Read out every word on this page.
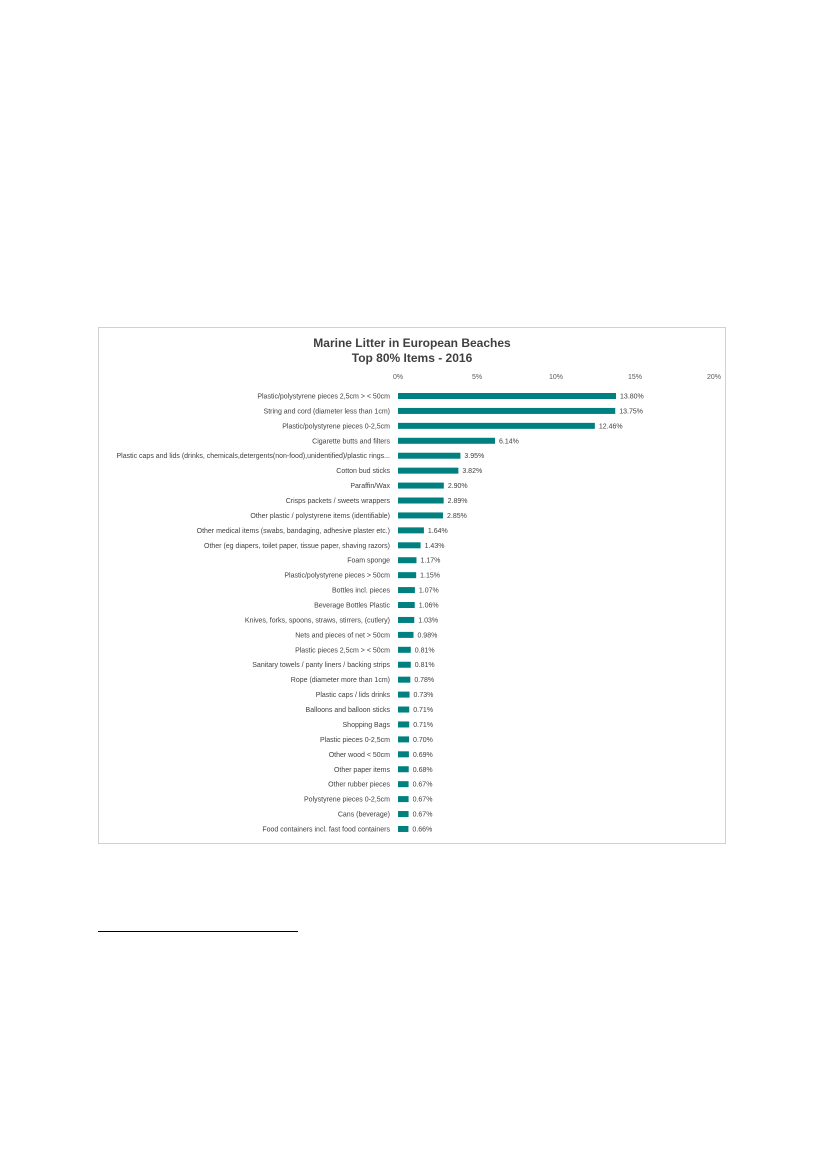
Marine Litter in European Beaches
Top 80% Items - 2016
0%	5%	10%	15%	20%
Plastic/polystyrene pieces 2,5cm > < 50cm
String and cord (diameter less than 1cm)
Plastic/polystyrene pieces 0-2,5cm
Cigarette butts and filters
Plastic caps and lids (drinks, chemicals,detergents(non-food),unidentified)/plastic rings...
Cotton bud sticks
Paraffin/Wax
Crisps packets / sweets wrappers
Other plastic / polystyrene items (identifiable)
Other medical items (swabs, bandaging, adhesive plaster etc.)
Other (eg diapers, toilet paper, tissue paper, shaving razors)
Foam sponge
Plastic/polystyrene pieces > 50cm
Bottles incl. pieces
Beverage Bottles Plastic
Knives, forks, spoons, straws, stirrers, (cutlery)
Nets and pieces of net > 50cm
Plastic pieces 2,5cm > < 50cm
Sanitary towels / panty liners / backing strips
Rope (diameter more than 1cm)
Plastic caps / lids drinks
Balloons and balloon sticks
Shopping Bags
Plastic pieces 0-2,5cm
Other wood < 50cm
Other paper items
Other rubber pieces
Polystyrene pieces 0-2,5cm
Cans (beverage)
Food containers incl. fast food containers
13.80%
13.75%
12.46%
6.14%
3.95%
3.82%
2.90%
2.89%
2.85%
1.64%
1.43%
1.17%
1.15%
1.07%
1.06%
1.03%
0.98%
0.81%
0.81%
0.78%
0.73%
0.71%
0.71%
0.70%
0.69%
0.68%
0.67%
0.67%
0.67%
0.66%
